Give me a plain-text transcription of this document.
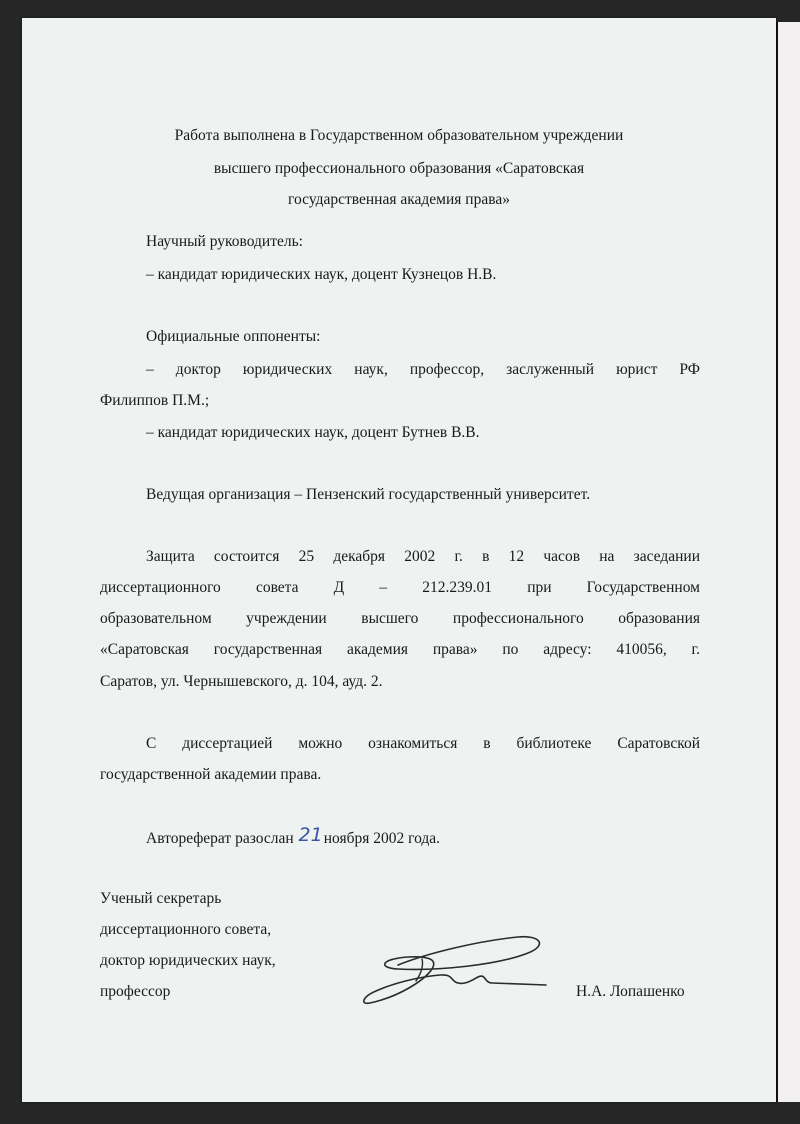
Работа выполнена в Государственном образовательном учреждении
высшего профессионального образования «Саратовская
государственная академия права»
Научный руководитель:
– кандидат юридических наук, доцент Кузнецов Н.В.
Официальные оппоненты:
– доктор юридических наук, профессор, заслуженный юрист РФ
Филиппов П.М.;
– кандидат юридических наук, доцент Бутнев В.В.
Ведущая организация – Пензенский государственный университет.
Защита состоится 25 декабря 2002 г. в 12 часов на заседании
диссертационного совета Д – 212.239.01 при Государственном
образовательном учреждении высшего профессионального образования
«Саратовская государственная академия права» по адресу: 410056, г.
Саратов, ул. Чернышевского, д. 104, ауд. 2.
С диссертацией можно ознакомиться в библиотеке Саратовской
государственной академии права.
Автореферат разослан 21ноября 2002 года.
Ученый секретарь
диссертационного совета,
доктор юридических наук,
профессор	Н.А. Лопашенко
